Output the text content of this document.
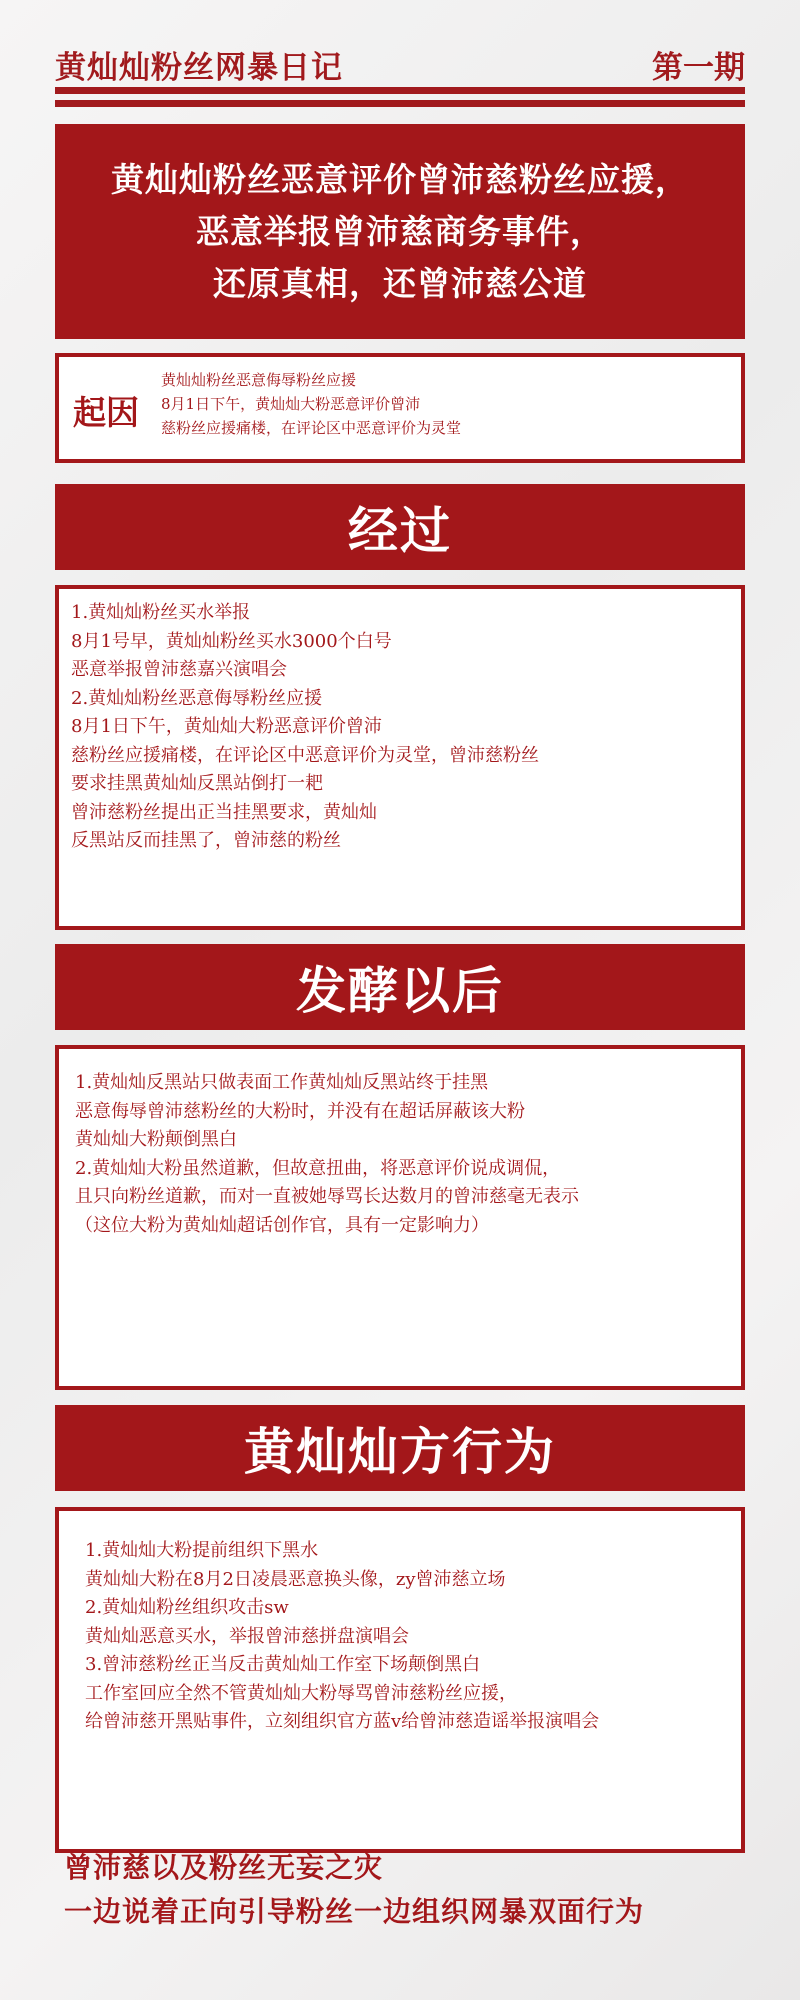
黄灿灿粉丝网暴日记	第一期
黄灿灿粉丝恶意评价曾沛慈粉丝应援，
恶意举报曾沛慈商务事件，
还原真相，还曾沛慈公道
起因
黄灿灿粉丝恶意侮辱粉丝应援
8月1日下午，黄灿灿大粉恶意评价曾沛
慈粉丝应援痛楼，在评论区中恶意评价为灵堂
经过
1.黄灿灿粉丝买水举报
8月1号早，黄灿灿粉丝买水3000个白号
恶意举报曾沛慈嘉兴演唱会
2.黄灿灿粉丝恶意侮辱粉丝应援
8月1日下午，黄灿灿大粉恶意评价曾沛
慈粉丝应援痛楼，在评论区中恶意评价为灵堂，曾沛慈粉丝
要求挂黑黄灿灿反黑站倒打一耙
曾沛慈粉丝提出正当挂黑要求，黄灿灿
反黑站反而挂黑了，曾沛慈的粉丝
发酵以后
1.黄灿灿反黑站只做表面工作黄灿灿反黑站终于挂黑
恶意侮辱曾沛慈粉丝的大粉时，并没有在超话屏蔽该大粉
黄灿灿大粉颠倒黑白
2.黄灿灿大粉虽然道歉，但故意扭曲，将恶意评价说成调侃，
且只向粉丝道歉，而对一直被她辱骂长达数月的曾沛慈毫无表示
（这位大粉为黄灿灿超话创作官，具有一定影响力）
黄灿灿方行为
1.黄灿灿大粉提前组织下黑水
黄灿灿大粉在8月2日凌晨恶意换头像，zy曾沛慈立场
2.黄灿灿粉丝组织攻击sw
黄灿灿恶意买水，举报曾沛慈拼盘演唱会
3.曾沛慈粉丝正当反击黄灿灿工作室下场颠倒黑白
工作室回应全然不管黄灿灿大粉辱骂曾沛慈粉丝应援，
给曾沛慈开黑贴事件，立刻组织官方蓝v给曾沛慈造谣举报演唱会
曾沛慈以及粉丝无妄之灾
一边说着正向引导粉丝一边组织网暴双面行为
